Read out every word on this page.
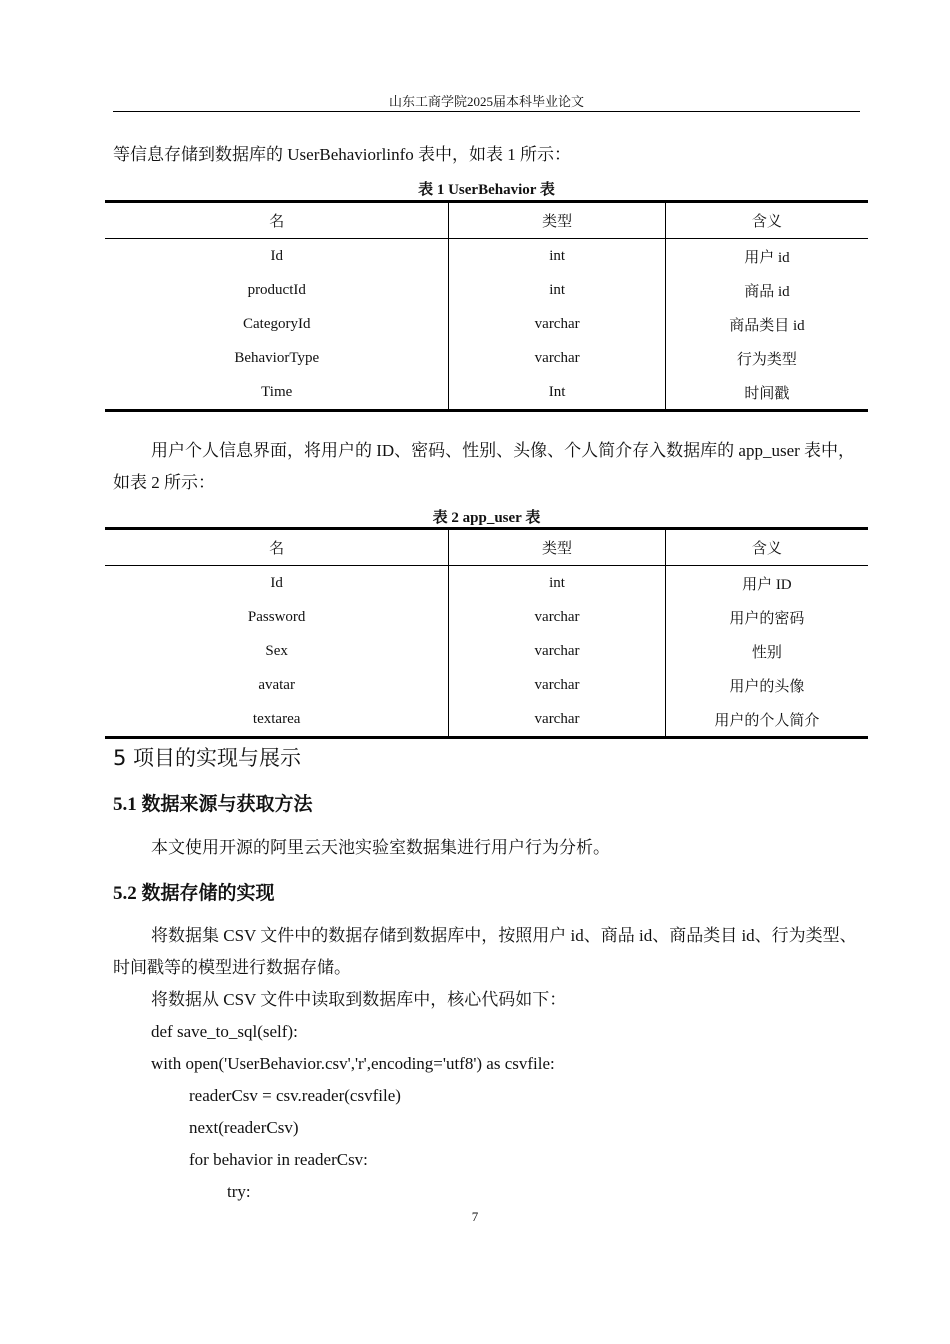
山东工商学院2025届本科毕业论文

等信息存储到数据库的 UserBehaviorlinfo 表中，如表 1 所示：

表 1 UserBehavior 表
名	类型	含义
Id	int	用户 id
productId	int	商品 id
CategoryId	varchar	商品类目 id
BehaviorType	varchar	行为类型
Time	Int	时间戳

用户个人信息界面，将用户的 ID、密码、性别、头像、个人简介存入数据库的 app_user 表中，如表 2 所示：

表 2 app_user 表
名	类型	含义
Id	int	用户 ID
Password	varchar	用户的密码
Sex	varchar	性别
avatar	varchar	用户的头像
textarea	varchar	用户的个人简介
5 项目的实现与展示
5.1 数据来源与获取方法

本文使用开源的阿里云天池实验室数据集进行用户行为分析。

5.2 数据存储的实现

将数据集 CSV 文件中的数据存储到数据库中，按照用户 id、商品 id、商品类目 id、行为类型、时间戳等的模型进行数据存储。

将数据从 CSV 文件中读取到数据库中，核心代码如下：

def save_to_sql(self):

with open('UserBehavior.csv','r',encoding='utf8') as csvfile:

readerCsv = csv.reader(csvfile)

next(readerCsv)

for behavior in readerCsv:

try:

7
